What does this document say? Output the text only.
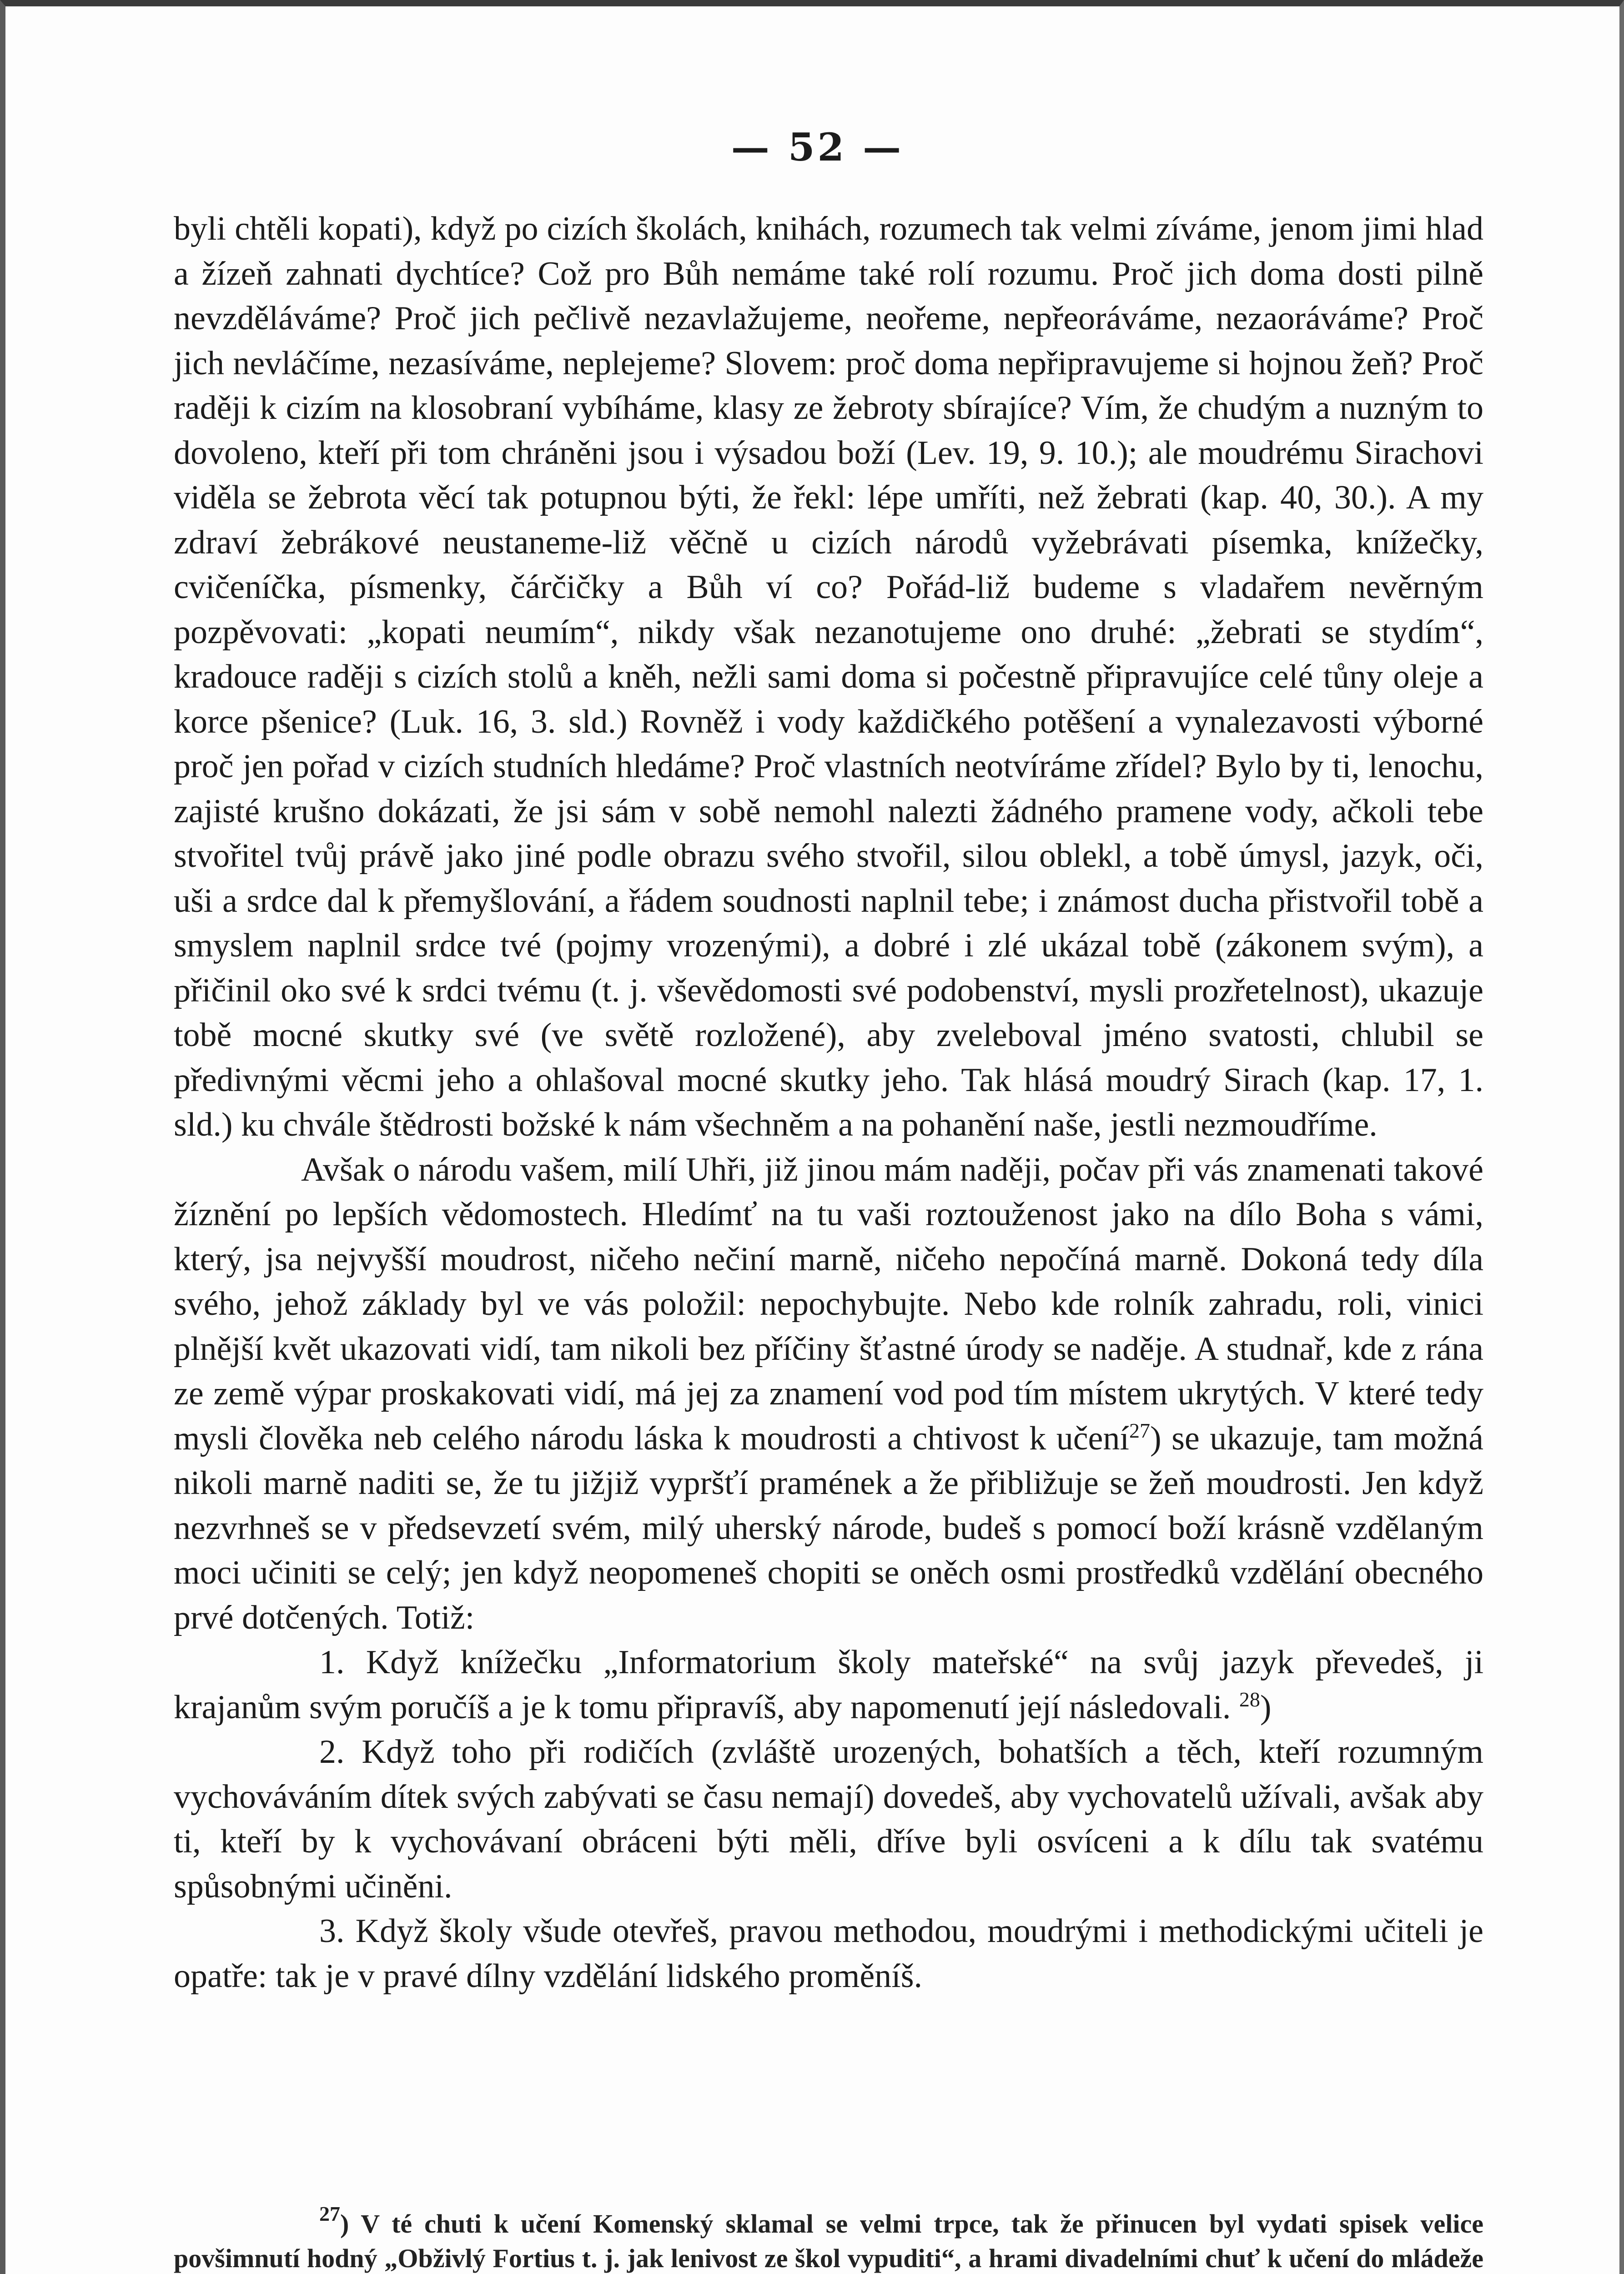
— 52 —

byli chtěli kopati), když po cizích školách, knihách, rozumech tak velmi zíváme, jenom jimi hlad a žízeň zahnati dychtíce? Což pro Bůh nemáme také rolí rozumu. Proč jich doma dosti pilně nevzděláváme? Proč jich pečlivě nezavlažujeme, neořeme, nepřeoráváme, nezaoráváme? Proč jich nevláčíme, nezasíváme, neplejeme? Slovem: proč doma nepřipravujeme si hojnou žeň? Proč raději k cizím na klosobraní vybíháme, klasy ze žebroty sbírajíce? Vím, že chudým a nuzným to dovoleno, kteří při tom chráněni jsou i výsadou boží (Lev. 19, 9. 10.); ale moudrému Sirachovi viděla se žebrota věcí tak potupnou býti, že řekl: lépe umříti, než žebrati (kap. 40, 30.). A my zdraví žebrákové neustaneme-liž věčně u cizích národů vyžebrávati písemka, knížečky, cvičeníčka, písmenky, čárčičky a Bůh ví co? Pořád-liž budeme s vladařem nevěrným pozpěvovati: „kopati neumím“, nikdy však nezanotujeme ono druhé: „žebrati se stydím“, kradouce raději s cizích stolů a kněh, nežli sami doma si počestně připravujíce celé tůny oleje a korce pšenice? (Luk. 16, 3. sld.) Rovněž i vody každičkého potěšení a vynalezavosti výborné proč jen pořad v cizích studních hledáme? Proč vlastních neotvíráme zřídel? Bylo by ti, lenochu, zajisté krušno dokázati, že jsi sám v sobě nemohl nalezti žádného pramene vody, ačkoli tebe stvořitel tvůj právě jako jiné podle obrazu svého stvořil, silou oblekl, a tobě úmysl, jazyk, oči, uši a srdce dal k přemyšlování, a řádem soudnosti naplnil tebe; i známost ducha přistvořil tobě a smyslem naplnil srdce tvé (pojmy vrozenými), a dobré i zlé ukázal tobě (zákonem svým), a přičinil oko své k srdci tvému (t. j. vševědomosti své podobenství, mysli prozřetelnost), ukazuje tobě mocné skutky své (ve světě rozložené), aby zveleboval jméno svatosti, chlubil se předivnými věcmi jeho a ohlašoval mocné skutky jeho. Tak hlásá moudrý Sirach (kap. 17, 1. sld.) ku chvále štědrosti božské k nám všechněm a na pohanění naše, jestli nezmoudříme.

Avšak o národu vašem, milí Uhři, již jinou mám naději, počav při vás znamenati takové žíznění po lepších vědomostech. Hledímť na tu vaši roztouženost jako na dílo Boha s vámi, který, jsa nejvyšší moudrost, ničeho nečiní marně, ničeho nepočíná marně. Dokoná tedy díla svého, jehož základy byl ve vás položil: nepochybujte. Nebo kde rolník zahradu, roli, vinici plnější květ ukazovati vidí, tam nikoli bez příčiny šťastné úrody se naděje. A studnař, kde z rána ze země výpar proskakovati vidí, má jej za znamení vod pod tím místem ukrytých. V které tedy mysli člověka neb celého národu láska k moudrosti a chtivost k učení$^{27}$) se ukazuje, tam možná nikoli marně naditi se, že tu jižjiž vypršťí pramének a že přibližuje se žeň moudrosti. Jen když nezvrhneš se v předsevzetí svém, milý uherský národe, budeš s pomocí boží krásně vzdělaným moci učiniti se celý; jen když neopomeneš chopiti se oněch osmi prostředků vzdělání obecného prvé dotčených. Totiž:

1. Když knížečku „Informatorium školy mateřské“ na svůj jazyk převedeš, ji krajanům svým poručíš a je k tomu připravíš, aby napomenutí její následovali. $^{28}$)

2. Když toho při rodičích (zvláště urozených, bohatších a těch, kteří rozumným vychováváním dítek svých zabývati se času nemají) dovedeš, aby vychovatelů užívali, avšak aby ti, kteří by k vychovávaní obráceni býti měli, dříve byli osvíceni a k dílu tak svatému spůsobnými učiněni.

3. Když školy všude otevřeš, pravou methodou, moudrými i methodickými učiteli je opatře: tak je v pravé dílny vzdělání lidského proměníš.

$^{27}$) V té chuti k učení Komenský sklamal se velmi trpce, tak že přinucen byl vydati spisek velice povšimnutí hodný „Obživlý Fortius t. j. jak lenivost ze škol vypuditi“, a hrami divadelními chuť k učení do mládeže
